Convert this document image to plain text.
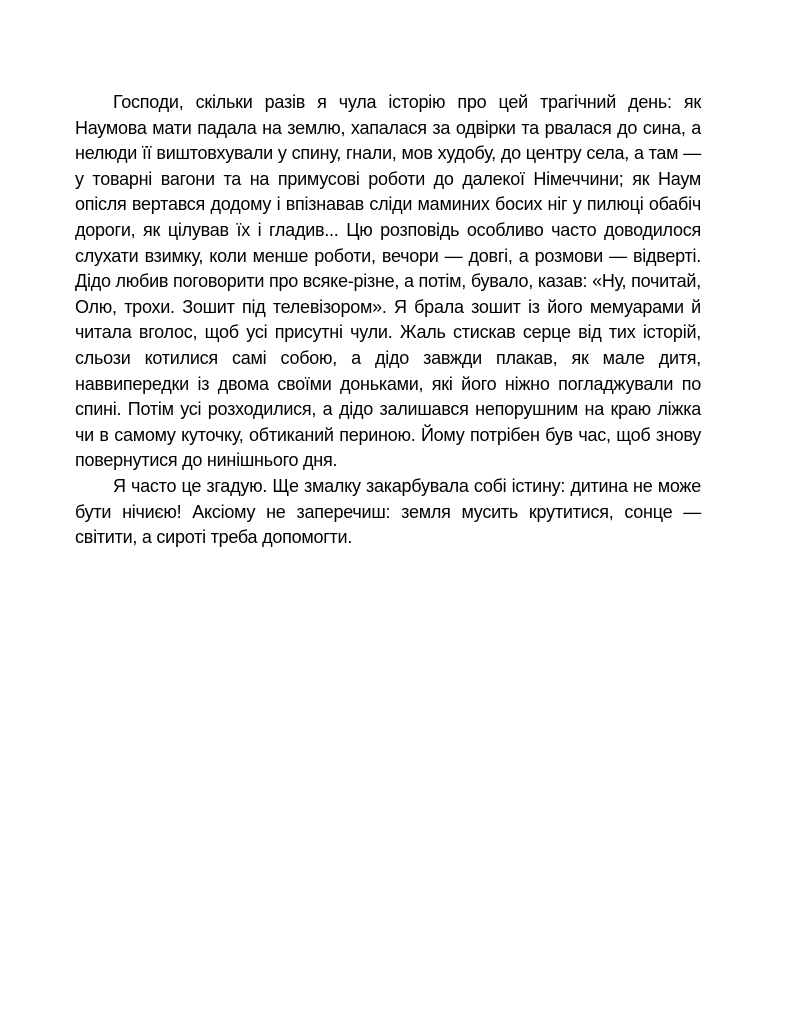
Господи, скільки разів я чула історію про цей трагічний день: як Наумова мати падала на землю, хапалася за одвірки та рвалася до сина, а нелюди її виштовхували у спину, гнали, мов худобу, до центру села, а там — у товарні вагони та на примусові роботи до далекої Німеччини; як Наум опісля вертався додому і впізнавав сліди маминих босих ніг у пилюці обабіч дороги, як цілував їх і гладив... Цю розповідь особливо часто доводилося слухати взимку, коли менше роботи, вечори — довгі, а розмови — відверті. Дідо любив поговорити про всяке-різне, а потім, бувало, казав: «Ну, почитай, Олю, трохи. Зошит під телевізором». Я брала зошит із його мемуарами й читала вголос, щоб усі присутні чули. Жаль стискав серце від тих історій, сльози котилися самі собою, а дідо завжди плакав, як мале дитя, наввипередки із двома своїми доньками, які його ніжно погладжували по спині. Потім усі розходилися, а дідо залишався непорушним на краю ліжка чи в самому куточку, обтиканий периною. Йому потрібен був час, щоб знову повернутися до нинішнього дня.

Я часто це згадую. Ще змалку закарбувала собі істину: дитина не може бути нічиєю! Аксіому не заперечиш: земля мусить крутитися, сонце — світити, а сироті треба допомогти.
